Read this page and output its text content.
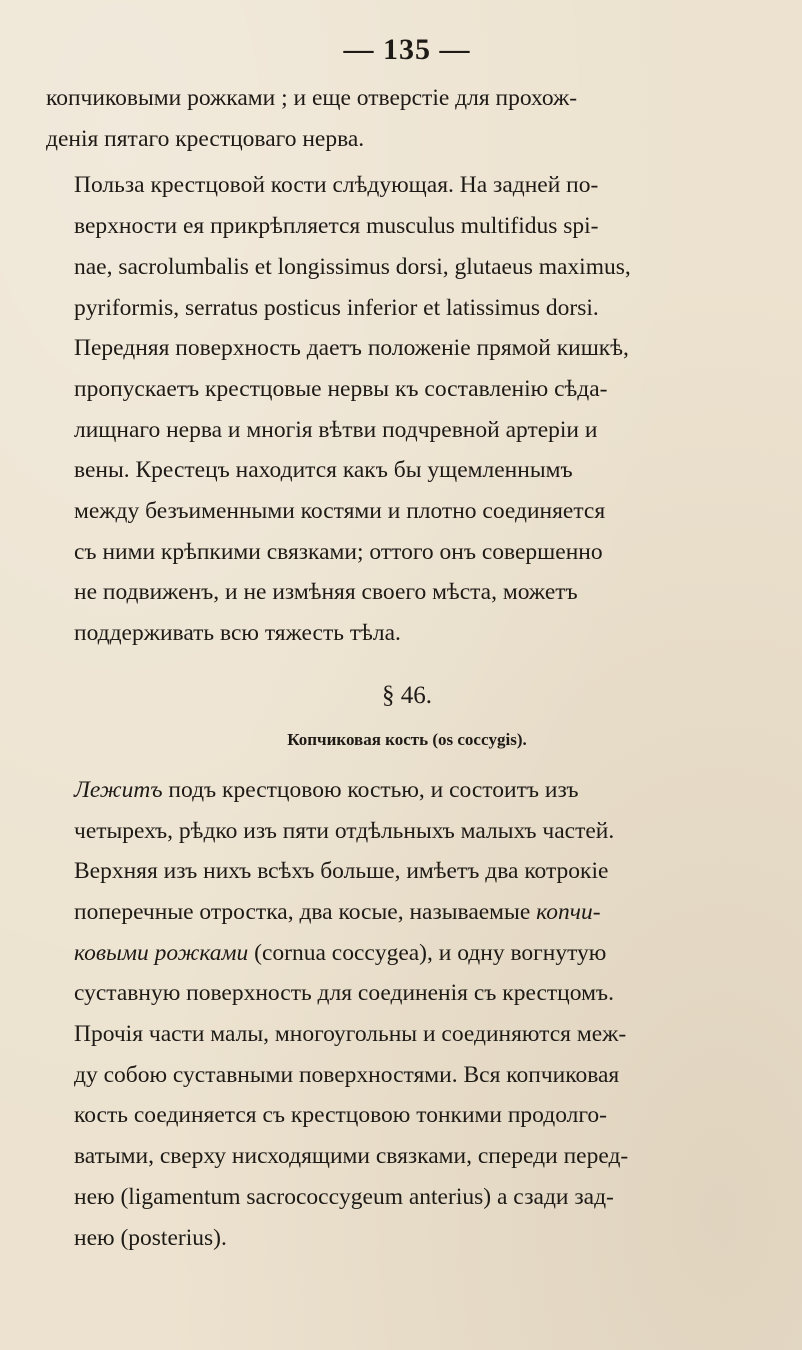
— 135 —

копчиковыми рожками ; и еще отверстіе для прохож-
денія пятаго крестцоваго нерва.

Польза крестцовой кости слѣдующая. На задней по-
верхности ея прикрѣпляется musculus multifidus spi-
nae, sacrolumbalis et longissimus dorsi, glutaeus maximus,
pyriformis, serratus posticus inferior et latissimus dorsi.
Передняя поверхность даетъ положеніе прямой кишкѣ,
пропускаетъ крестцовые нервы къ составленію сѣда-
лищнаго нерва и многія вѣтви подчревной артеріи и
вены. Крестецъ находится какъ бы ущемленнымъ
между безъименными костями и плотно соединяется
съ ними крѣпкими связками; оттого онъ совершенно
не подвиженъ, и не измѣняя своего мѣста, можетъ
поддерживать всю тяжесть тѣла.

§ 46.
Копчиковая кость (os coccygis).

Лежитъ подъ крестцовою костью, и состоитъ изъ
четырехъ, рѣдко изъ пяти отдѣльныхъ малыхъ частей.
Верхняя изъ нихъ всѣхъ больше, имѣетъ два котрокіе
поперечные отростка, два косые, называемые копчи-
ковыми рожками (cornua coccygea), и одну вогнутую
суставную поверхность для соединенія съ крестцомъ.
Прочія части малы, многоугольны и соединяются меж-
ду собою суставными поверхностями. Вся копчиковая
кость соединяется съ крестцовою тонкими продолго-
ватыми, сверху нисходящими связками, спереди перед-
нею (ligamentum sacrococcygeum anterius) а сзади зад-
нею (posterius).
